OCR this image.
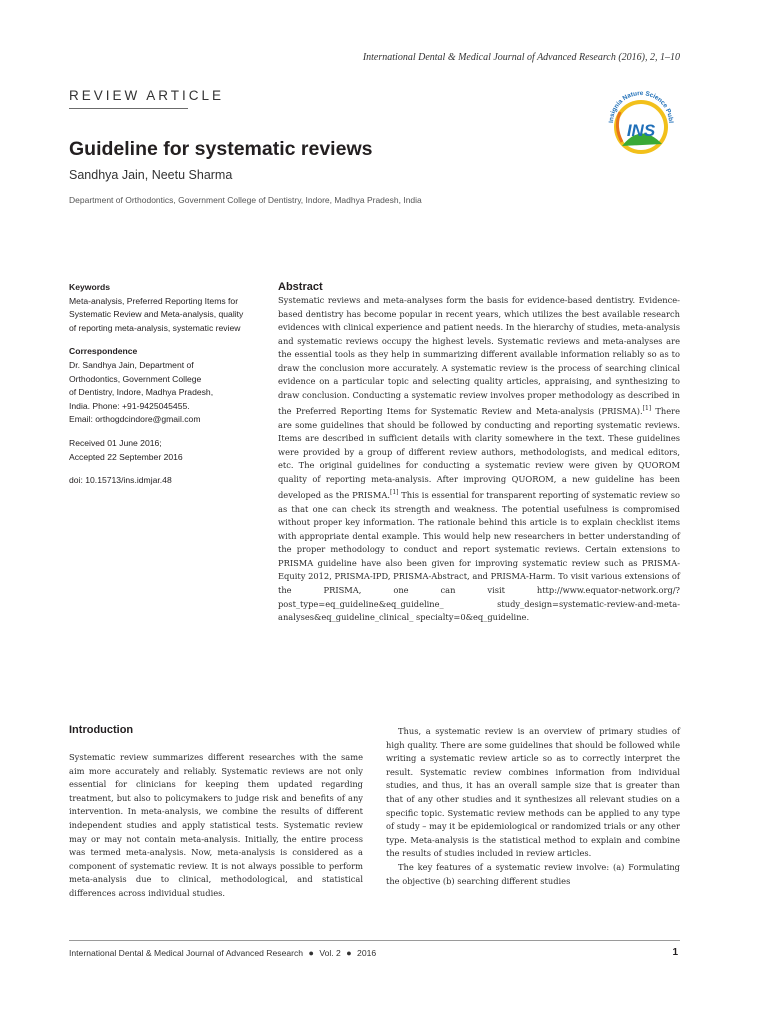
International Dental & Medical Journal of Advanced Research (2016), 2, 1–10
REVIEW ARTICLE
INS
Insignia Nature Science Publ
Guideline for systematic reviews
Sandhya Jain, Neetu Sharma
Department of Orthodontics, Government College of Dentistry, Indore, Madhya Pradesh, India
Keywords
Meta-analysis, Preferred Reporting Items for
Systematic Review and Meta-analysis, quality
of reporting meta-analysis, systematic review
Correspondence
Dr. Sandhya Jain, Department of
Orthodontics, Government College
of Dentistry, Indore, Madhya Pradesh,
India. Phone: +91-9425045455.
Email: orthogdcindore@gmail.com
Received 01 June 2016;
Accepted 22 September 2016
doi: 10.15713/ins.idmjar.48
Abstract
Systematic reviews and meta-analyses form the basis for evidence-based dentistry. Evidence-based dentistry has become popular in recent years, which utilizes the best available research evidences with clinical experience and patient needs. In the hierarchy of studies, meta-analysis and systematic reviews occupy the highest levels. Systematic reviews and meta-analyses are the essential tools as they help in summarizing different available information reliably so as to draw the conclusion more accurately. A systematic review is the process of searching clinical evidence on a particular topic and selecting quality articles, appraising, and synthesizing to draw conclusion. Conducting a systematic review involves proper methodology as described in the Preferred Reporting Items for Systematic Review and Meta-analysis (PRISMA).[1] There are some guidelines that should be followed by conducting and reporting systematic reviews. Items are described in sufficient details with clarity somewhere in the text. These guidelines were provided by a group of different review authors, methodologists, and medical editors, etc. The original guidelines for conducting a systematic review were given by QUOROM quality of reporting meta-analysis. After improving QUOROM, a new guideline has been developed as the PRISMA.[1] This is essential for transparent reporting of systematic review so as that one can check its strength and weakness. The potential usefulness is compromised without proper key information. The rationale behind this article is to explain checklist items with appropriate dental example. This would help new researchers in better understanding of the proper methodology to conduct and report systematic reviews. Certain extensions to PRISMA guideline have also been given for improving systematic review such as PRISMA-Equity 2012, PRISMA-IPD, PRISMA-Abstract, and PRISMA-Harm. To visit various extensions of the PRISMA, one can visit http://www.equator-network.org/?post_type=eq_guideline&eq_guideline_ study_design=systematic-review-and-meta-analyses&eq_guideline_clinical_ specialty=0&eq_guideline.
Introduction

Systematic review summarizes different researches with the same aim more accurately and reliably. Systematic reviews are not only essential for clinicians for keeping them updated regarding treatment, but also to policymakers to judge risk and benefits of any intervention. In meta-analysis, we combine the results of different independent studies and apply statistical tests. Systematic review may or may not contain meta-analysis. Initially, the entire process was termed meta-analysis. Now, meta-analysis is considered as a component of systematic review. It is not always possible to perform meta-analysis due to clinical, methodological, and statistical differences across individual studies.

Thus, a systematic review is an overview of primary studies of high quality. There are some guidelines that should be followed while writing a systematic review article so as to correctly interpret the result. Systematic review combines information from individual studies, and thus, it has an overall sample size that is greater than that of any other studies and it synthesizes all relevant studies on a specific topic. Systematic review methods can be applied to any type of study – may it be epidemiological or randomized trials or any other type. Meta-analysis is the statistical method to explain and combine the results of studies included in review articles.

The key features of a systematic review involve: (a) Formulating the objective (b) searching different studies

International Dental & Medical Journal of Advanced Research ● Vol. 2 ● 2016	1
